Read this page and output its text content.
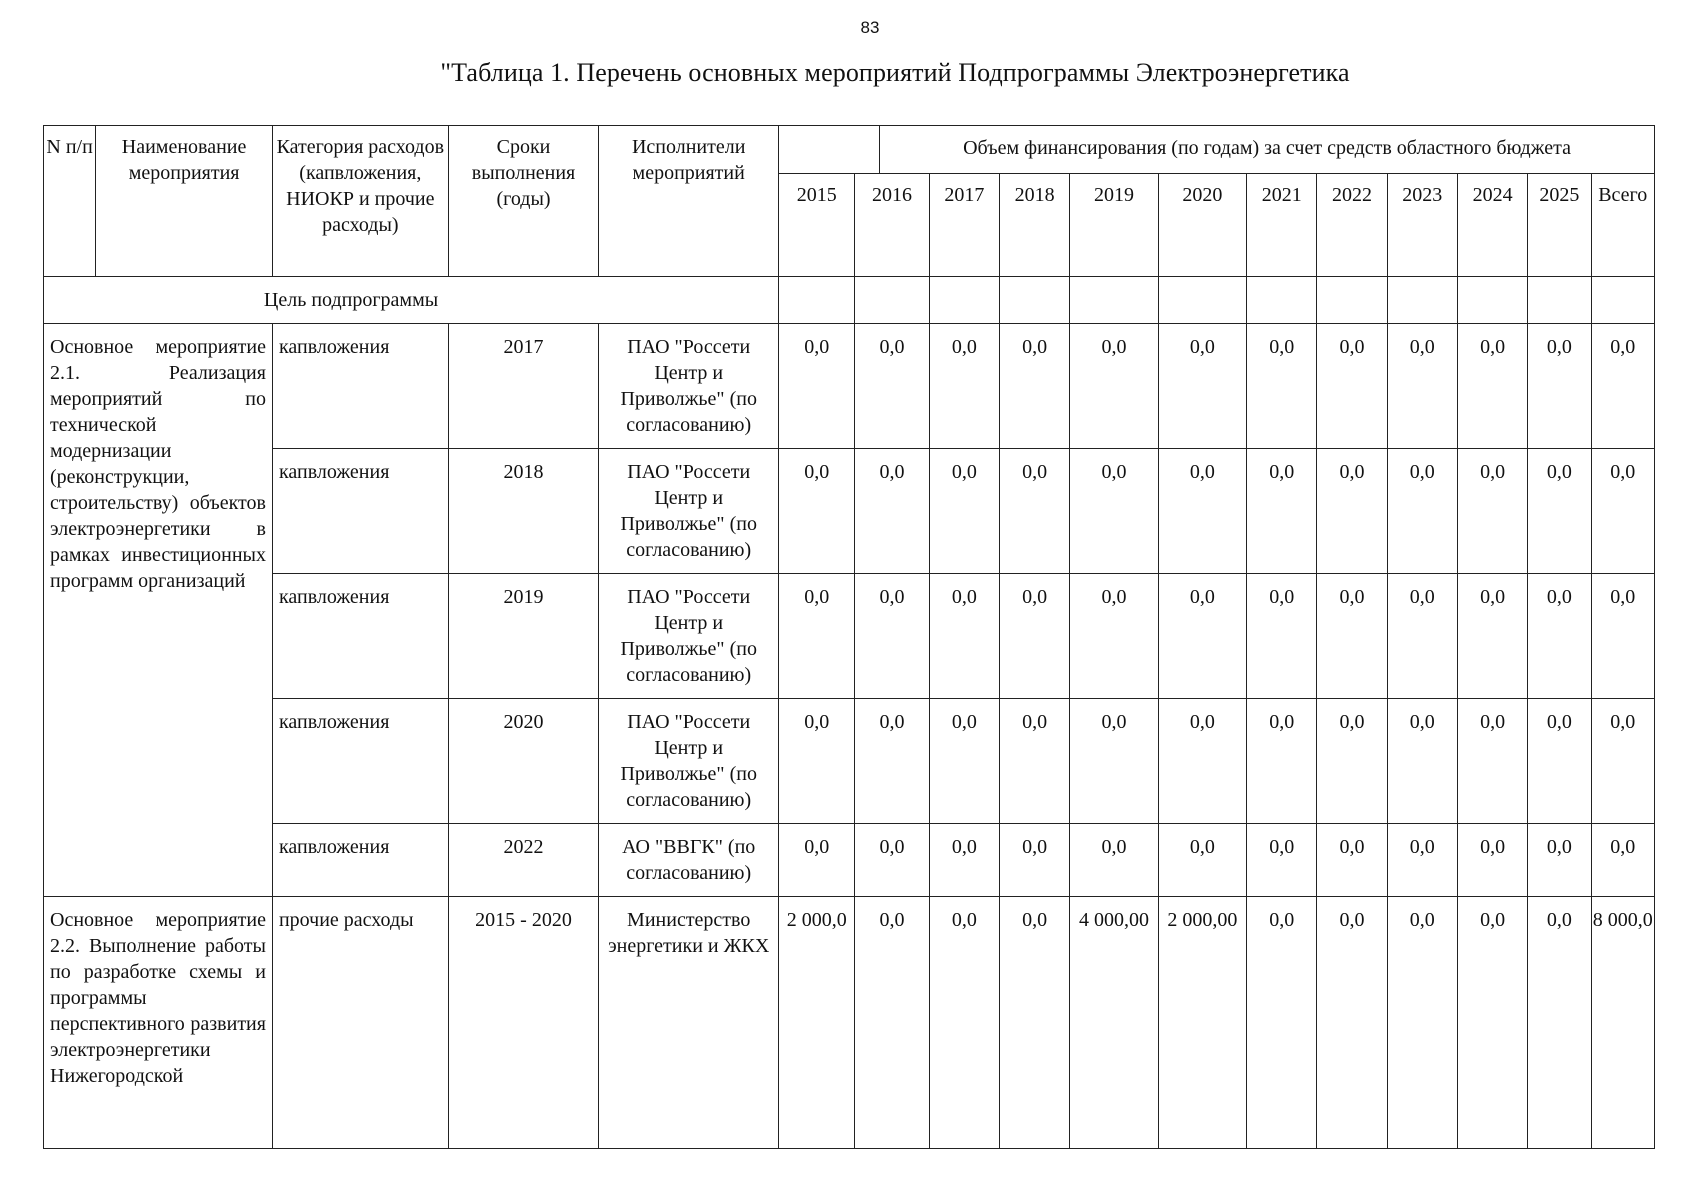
83
"Таблица 1. Перечень основных мероприятий Подпрограммы Электроэнергетика
N п/п	Наименование мероприятия	Категория расходов (капвложения, НИОКР и прочие расходы)	Сроки выполнения (годы)	Исполнители мероприятий	Объем финансирования (по годам) за счет средств областного бюджета											

					2015	2016	2017	2018	2019	2020	2021	2022	2023	2024	2025	Всего
Цель подпрограммы																
Основное мероприятие 2.1. Реализация мероприятий по технической модернизации (реконструкции, строительству) объектов электроэнергетики в рамках инвестиционных программ организаций		капвложения	2017	ПАО "Россети Центр и Приволжье" (по согласованию)	0,0	0,0	0,0	0,0	0,0	0,0	0,0	0,0	0,0	0,0	0,0	0,0
		капвложения	2018	ПАО "Россети Центр и Приволжье" (по согласованию)	0,0	0,0	0,0	0,0	0,0	0,0	0,0	0,0	0,0	0,0	0,0	0,0
		капвложения	2019	ПАО "Россети Центр и Приволжье" (по согласованию)	0,0	0,0	0,0	0,0	0,0	0,0	0,0	0,0	0,0	0,0	0,0	0,0
		капвложения	2020	ПАО "Россети Центр и Приволжье" (по согласованию)	0,0	0,0	0,0	0,0	0,0	0,0	0,0	0,0	0,0	0,0	0,0	0,0
		капвложения	2022	АО "ВВГК" (по согласованию)	0,0	0,0	0,0	0,0	0,0	0,0	0,0	0,0	0,0	0,0	0,0	0,0
Основное мероприятие 2.2. Выполнение работы по разработке схемы и программы перспективного развития электроэнергетики Нижегородской		прочие расходы	2015 - 2020	Министерство энергетики и ЖКХ	2 000,0	0,0	0,0	0,0	4 000,00	2 000,00	0,0	0,0	0,0	0,0	0,0	8 000,0
